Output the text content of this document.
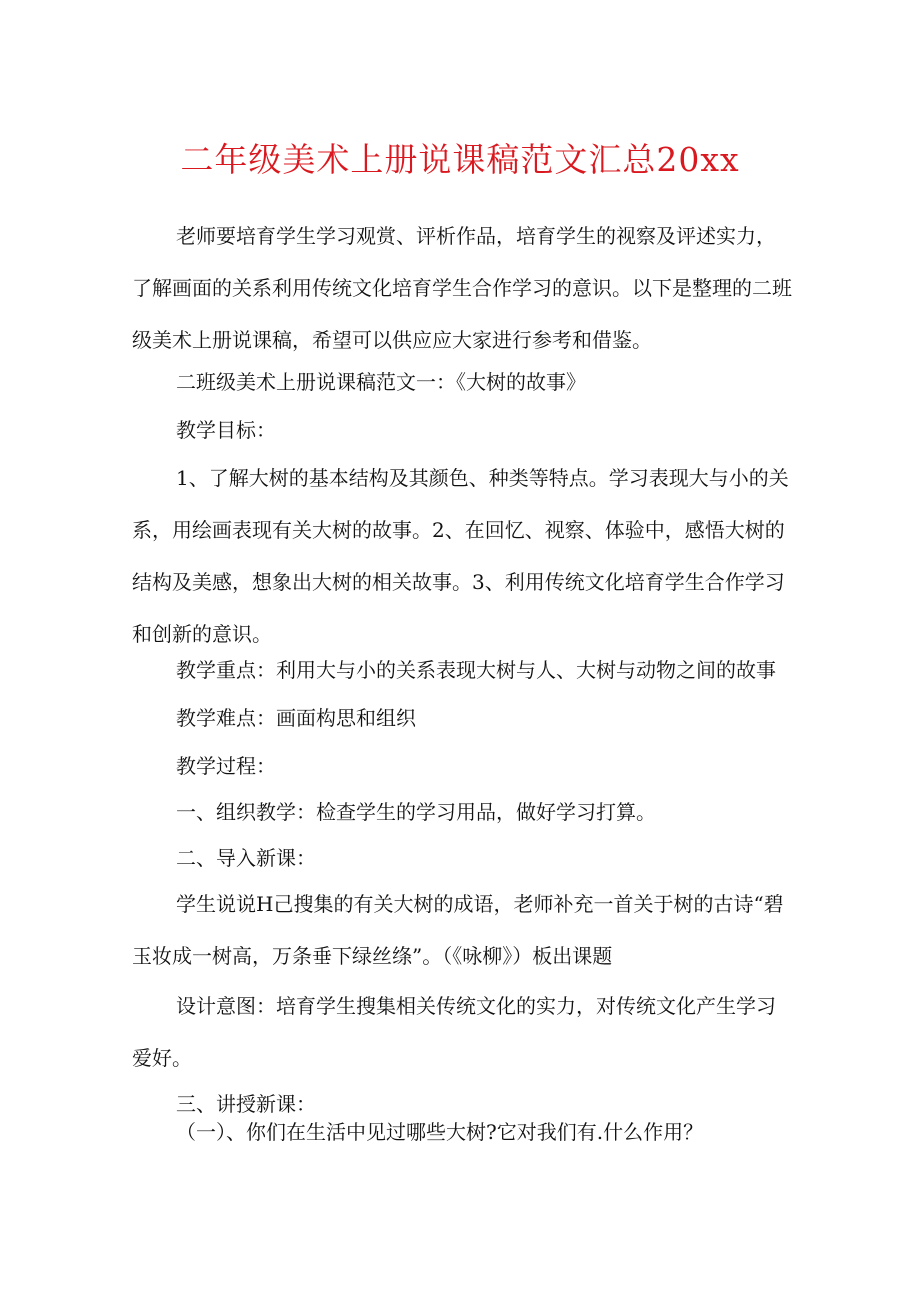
二年级美术上册说课稿范文汇总20xx

老师要培育学生学习观赏、评析作品，培育学生的视察及评述实力，
了解画面的关系利用传统文化培育学生合作学习的意识。以下是整理的二班
级美术上册说课稿，希望可以供应应大家进行参考和借鉴。

二班级美术上册说课稿范文一：《大树的故事》

教学目标：

1、了解大树的基本结构及其颜色、种类等特点。学习表现大与小的关
系，用绘画表现有关大树的故事。2、在回忆、视察、体验中，感悟大树的
结构及美感，想象出大树的相关故事。3、利用传统文化培育学生合作学习
和创新的意识。

教学重点：利用大与小的关系表现大树与人、大树与动物之间的故事

教学难点：画面构思和组织

教学过程：

一、组织教学：检查学生的学习用品，做好学习打算。

二、导入新课：

学生说说H己搜集的有关大树的成语，老师补充一首关于树的古诗“碧
玉妆成一树高，万条垂下绿丝绦”。（《咏柳》）板出课题

设计意图：培育学生搜集相关传统文化的实力，对传统文化产生学习
爱好。

三、讲授新课：

（一）、你们在生活中见过哪些大树?它对我们有.什么作用？
